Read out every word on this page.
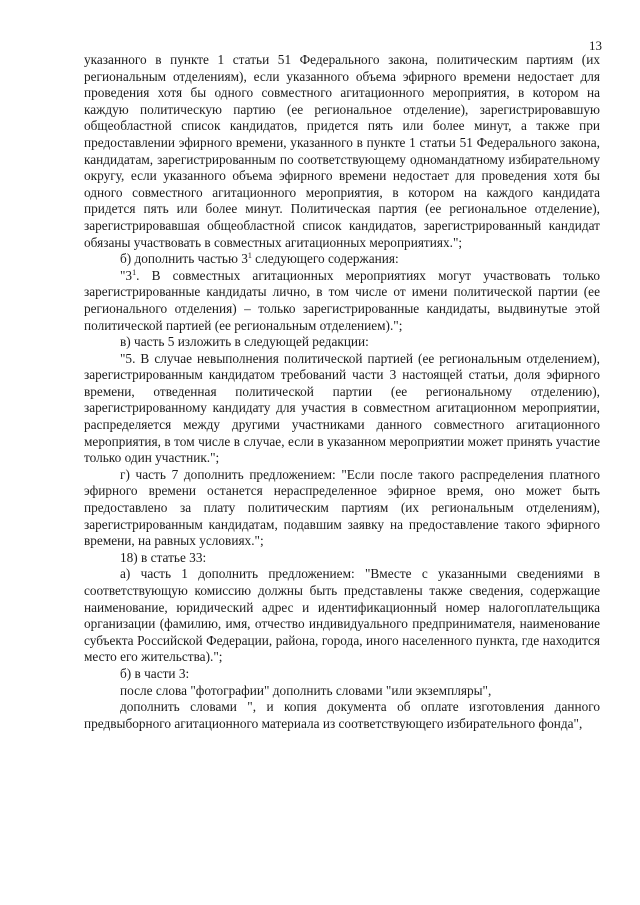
13

указанного в пункте 1 статьи 51 Федерального закона, политическим партиям (их региональным отделениям), если указанного объема эфирного времени недостает для проведения хотя бы одного совместного агитационного мероприятия, в котором на каждую политическую партию (ее региональное отделение), зарегистрировавшую общеобластной список кандидатов, придется пять или более минут, а также при предоставлении эфирного времени, указанного в пункте 1 статьи 51 Федерального закона, кандидатам, зарегистрированным по соответствующему одномандатному избирательному округу, если указанного объема эфирного времени недостает для проведения хотя бы одного совместного агитационного мероприятия, в котором на каждого кандидата придется пять или более минут. Политическая партия (ее региональное отделение), зарегистрировавшая общеобластной список кандидатов, зарегистрированный кандидат обязаны участвовать в совместных агитационных мероприятиях.";

б) дополнить частью $3^1$ следующего содержания:

"$3^1$. В совместных агитационных мероприятиях могут участвовать только зарегистрированные кандидаты лично, в том числе от имени политической партии (ее регионального отделения) – только зарегистрированные кандидаты, выдвинутые этой политической партией (ее региональным отделением).";

в) часть 5 изложить в следующей редакции:

"5. В случае невыполнения политической партией (ее региональным отделением), зарегистрированным кандидатом требований части 3 настоящей статьи, доля эфирного времени, отведенная политической партии (ее региональному отделению), зарегистрированному кандидату для участия в совместном агитационном мероприятии, распределяется между другими участниками данного совместного агитационного мероприятия, в том числе в случае, если в указанном мероприятии может принять участие только один участник.";

г) часть 7 дополнить предложением: "Если после такого распределения платного эфирного времени останется нераспределенное эфирное время, оно может быть предоставлено за плату политическим партиям (их региональным отделениям), зарегистрированным кандидатам, подавшим заявку на предоставление такого эфирного времени, на равных условиях.";

18) в статье 33:

а) часть 1 дополнить предложением: "Вместе с указанными сведениями в соответствующую комиссию должны быть представлены также сведения, содержащие наименование, юридический адрес и идентификационный номер налогоплательщика организации (фамилию, имя, отчество индивидуального предпринимателя, наименование субъекта Российской Федерации, района, города, иного населенного пункта, где находится место его жительства).";

б) в части 3:

после слова "фотографии" дополнить словами "или экземпляры",

дополнить словами ", и копия документа об оплате изготовления данного предвыборного агитационного материала из соответствующего избирательного фонда",
